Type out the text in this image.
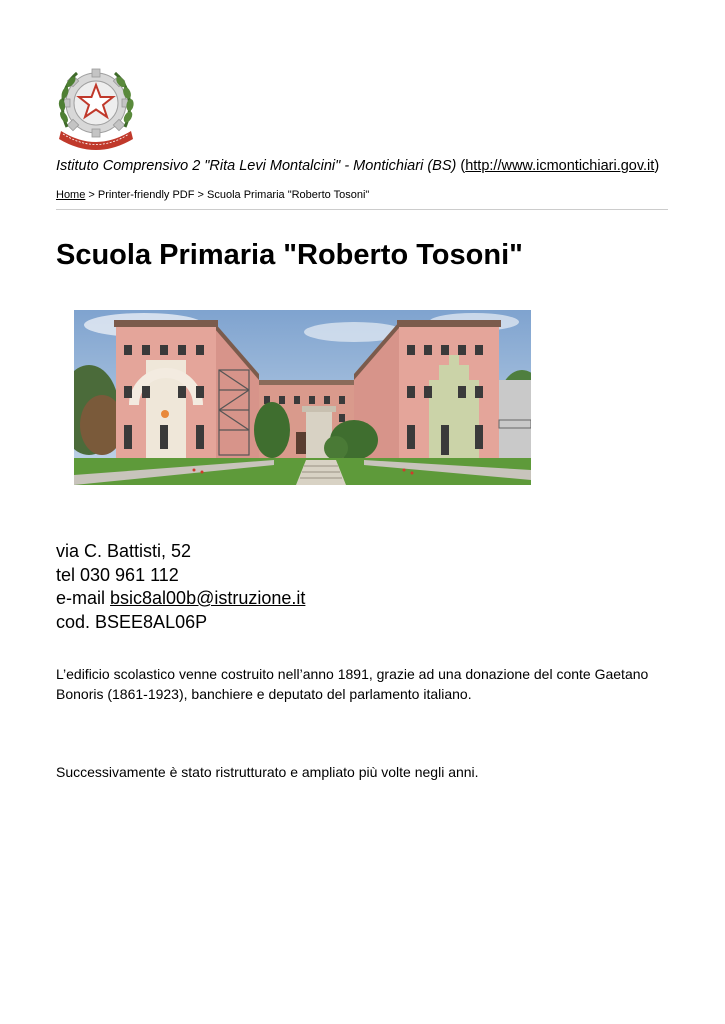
Istituto Comprensivo 2 "Rita Levi Montalcini" - Montichiari (BS) (http://www.icmontichiari.gov.it)
Home > Printer-friendly PDF > Scuola Primaria "Roberto Tosoni"
Scuola Primaria "Roberto Tosoni"
via C. Battisti, 52
tel 030 961 112
e-mail bsic8al00b@istruzione.it
cod. BSEE8AL06P

L’edificio scolastico venne costruito nell’anno 1891, grazie ad una donazione del conte Gaetano Bonoris (1861-1923), banchiere e deputato del parlamento italiano.

Successivamente è stato ristrutturato e ampliato più volte negli anni.
